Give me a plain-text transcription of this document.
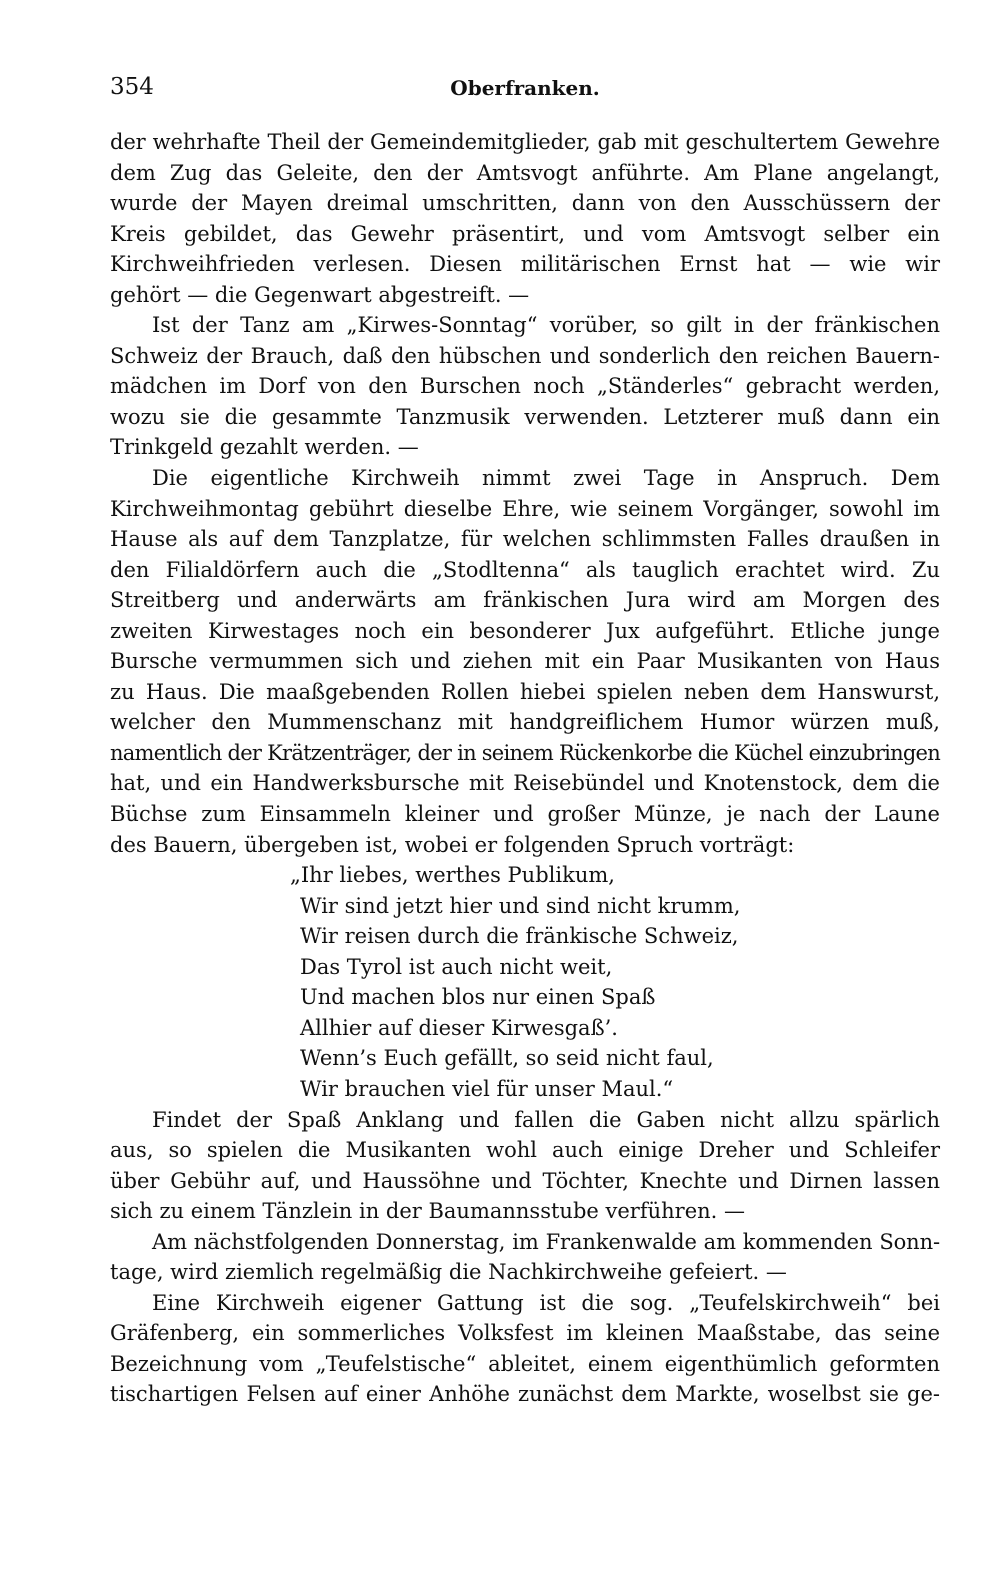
354	Oberfranken.
der wehrhafte Theil der Gemeindemitglieder, gab mit geschultertem Gewehre
dem Zug das Geleite, den der Amtsvogt anführte. Am Plane angelangt,
wurde der Mayen dreimal umschritten, dann von den Ausschüssern der
Kreis gebildet, das Gewehr präsentirt, und vom Amtsvogt selber ein
Kirchweihfrieden verlesen. Diesen militärischen Ernst hat — wie wir
gehört — die Gegenwart abgestreift. —
Ist der Tanz am „Kirwes-Sonntag“ vorüber, so gilt in der fränkischen
Schweiz der Brauch, daß den hübschen und sonderlich den reichen Bauern-
mädchen im Dorf von den Burschen noch „Ständerles“ gebracht werden,
wozu sie die gesammte Tanzmusik verwenden. Letzterer muß dann ein
Trinkgeld gezahlt werden. —
Die eigentliche Kirchweih nimmt zwei Tage in Anspruch. Dem
Kirchweihmontag gebührt dieselbe Ehre, wie seinem Vorgänger, sowohl im
Hause als auf dem Tanzplatze, für welchen schlimmsten Falles draußen in
den Filialdörfern auch die „Stodltenna“ als tauglich erachtet wird. Zu
Streitberg und anderwärts am fränkischen Jura wird am Morgen des
zweiten Kirwestages noch ein besonderer Jux aufgeführt. Etliche junge
Bursche vermummen sich und ziehen mit ein Paar Musikanten von Haus
zu Haus. Die maaßgebenden Rollen hiebei spielen neben dem Hanswurst,
welcher den Mummenschanz mit handgreiflichem Humor würzen muß,
namentlich der Krätzenträger, der in seinem Rückenkorbe die Küchel einzubringen
hat, und ein Handwerksbursche mit Reisebündel und Knotenstock, dem die
Büchse zum Einsammeln kleiner und großer Münze, je nach der Laune
des Bauern, übergeben ist, wobei er folgenden Spruch vorträgt:
„Ihr liebes, werthes Publikum,
Wir sind jetzt hier und sind nicht krumm,
Wir reisen durch die fränkische Schweiz,
Das Tyrol ist auch nicht weit,
Und machen blos nur einen Spaß
Allhier auf dieser Kirwesgaß’.
Wenn’s Euch gefällt, so seid nicht faul,
Wir brauchen viel für unser Maul.“
Findet der Spaß Anklang und fallen die Gaben nicht allzu spärlich
aus, so spielen die Musikanten wohl auch einige Dreher und Schleifer
über Gebühr auf, und Haussöhne und Töchter, Knechte und Dirnen lassen
sich zu einem Tänzlein in der Baumannsstube verführen. —
Am nächstfolgenden Donnerstag, im Frankenwalde am kommenden Sonn-
tage, wird ziemlich regelmäßig die Nachkirchweihe gefeiert. —
Eine Kirchweih eigener Gattung ist die sog. „Teufelskirchweih“ bei
Gräfenberg, ein sommerliches Volksfest im kleinen Maaßstabe, das seine
Bezeichnung vom „Teufelstische“ ableitet, einem eigenthümlich geformten
tischartigen Felsen auf einer Anhöhe zunächst dem Markte, woselbst sie ge-
